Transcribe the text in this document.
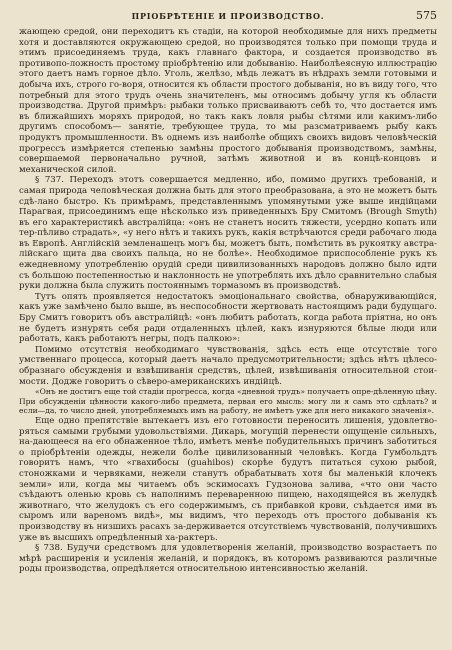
ПРІОБРѢТЕНІЕ И ПРОИЗВОДСТВО.	575

жающею средой, они переходитъ къ стадіи, на которой необходимые для нихъ предметы хотя и доставляются окружающею средой, но производятся только при помощи труда и этимъ присоединяемъ труда, какъ главнаго фактора, и создается производство въ противопо-ложность простому пріобрѣтенію или добыванію. Наиболѣеясную иллюстрацію этого даетъ намъ горное дѣло. Уголь, желѣзо, мѣдь лежатъ въ нѣдрахъ земли готовыми и добыча ихъ, строго го-воря, относится къ области простого добыванія, но въ виду того, что потребный для этого трудъ очень значителенъ, мы относимъ добычу угля къ области производства. Другой примѣръ: рыбаки только присваиваютъ себѣ то, что достается имъ въ ближайшихъ моряхъ природой, но такъ какъ ловля рыбы сѣтями или какимъ-либо другимъ способомъ— занятіе, требующее труда, то мы разсматриваемъ рыбу какъ продуктъ промышленности. Въ однемъ изъ наиболѣе общихъ своихъ видовъ человѣческій прогрессъ измѣряется степенью замѣны простого добыванія производствомъ, замѣны, совершаемой первоначально ручной, затѣмъ животной и въ концѣ-концовъ и механической силой.

§ 737. Переходъ этотъ совершается медленно, ибо, помимо другихъ требованій, и самая природа человѣческая должна быть для этого преобразована, а это не можетъ быть сдѣ-лано быстро. Къ примѣрамъ, представленнымъ упомянутыми уже выше индійцами Парагвая, присоединимъ еще нѣсколько изъ приведенныхъ Бру Смитомъ (Brough Smyth) въ его характеристикѣ австралійца: «онъ не станетъ носить тяжести, усердно копать или тер-пѣливо страдать», «у него нѣтъ и такихъ рукъ, какія встрѣчаются среди рабочаго люда въ Европѣ. Англійскій земленашецъ могъ бы, можетъ быть, помѣстить въ рукоятку австра-лійскаго щита два своихъ пальца, но не болѣе». Необходимое приспособленіе рукъ къ ежедневному употребленію орудій среди цивилизованныхъ народовъ должно было идти съ большою постепенностью и наклонность не употреблять ихъ дѣло сравнительно слабыя руки должна была служить постояннымъ тормазомъ въ производствѣ.

Тутъ опять проявляется недостатокъ эмоціональнаго свойства, обнаруживающійся, какъ уже замѣчено было выше, въ неспособности жертвовать настоящимъ ради будущаго. Бру Смитъ говоритъ объ австралійцѣ: «онъ любитъ работать, когда работа пріятна, но онъ не будетъ изнурять себя ради отдаленныхъ цѣлей, какъ изнуряются бѣлые люди или работать, какъ работаютъ негры, подъ палкою»:

Помимо отсутствія необходимаго чувствованія, здѣсь есть еще отсутствіе того умственнаго процесса, который даетъ начало предусмотрительности; здѣсь нѣтъ цѣлесо-образнаго обсужденія и взвѣшиванія средствъ, цѣлей, извѣшиванія относительной стои-мости. Додже говоритъ о сѣверо-американскихъ индійцѣ.

«Онъ не достигъ еще той стадіи прогресса, когда «дневной трудъ» получаетъ опре-дѣленную цѣну. При обсужденіи цѣнности какого-либо предмета, первая его мысль: могу ли я самъ это сдѣлать? и если—да, то число дней, употребляемыхъ имъ на работу, не имѣетъ уже для него никакого значенія».

Еще одно препятствіе вытекаетъ изъ его готовности переносить лишенія, удовлетво-ряться самыми грубыми удовольствіями. Дикарь, могущій перенести ощущеніе сильныхъ, на-дающееся на его обнаженное тѣло, имѣетъ менѣе побудительныхъ причинъ заботиться о пріобрѣтеніи одежды, нежели болѣе цивилизованный человѣкъ. Когда Гумбольдтъ говоритъ намъ, что «гвахибосы (guahibos) скорѣе будутъ питаться сухою рыбой, стоножками и червяками, нежели станутъ обрабатывать хотя бы маленькій клочекъ земли» или, когда мы читаемъ объ эскимосахъ Гудзонова залива, «что они часто съѣдаютъ оленью кровь съ наполнимъ переваренною пищею, находящейся въ желудкѣ животнаго, что желудокъ съ его содержимымъ, съ прибавкой крови, съѣдается ими въ сыромъ или вареномъ видѣ», мы видимъ, что переходъ отъ простого добыванія къ производству въ низшихъ расахъ за-держивается отсутствіемъ чувствованій, получившихъ уже въ высшихъ опредѣленный ха-рактеръ.

§ 738. Будучи средствомъ для удовлетворенія желаній, производство возрастаетъ по мѣрѣ расширенія и усиленія желаній, и порядокъ, въ которомъ развиваются различные роды производства, опредѣляется относительною интенсивностью желаній.
